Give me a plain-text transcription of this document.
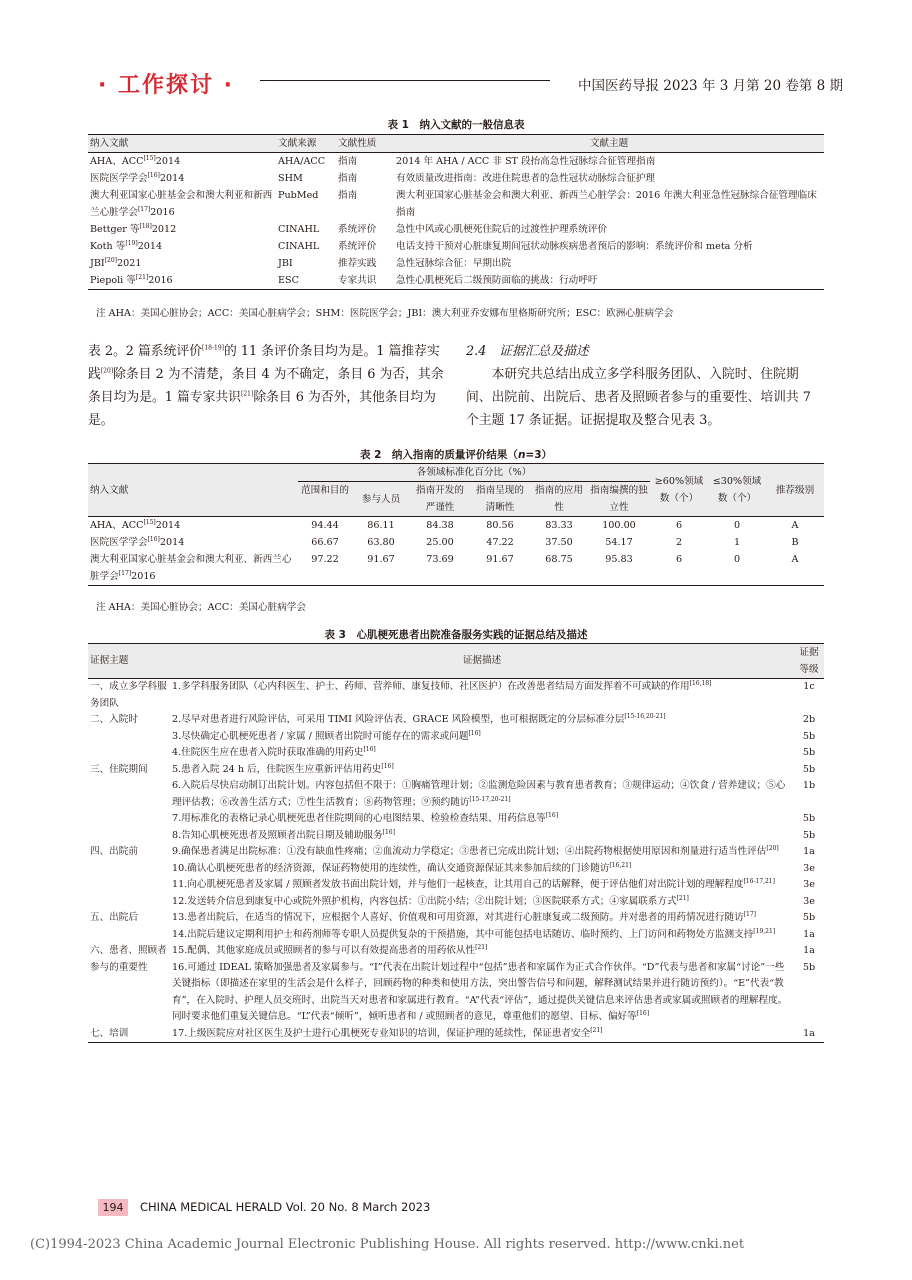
· 工作探讨 ·	中国医药导报 2023 年 3 月第 20 卷第 8 期
表 1　纳入文献的一般信息表
纳入文献	文献来源	文献性质	文献主题
AHA、ACC[15]2014	AHA/ACC	指南	2014 年 AHA / ACC 非 ST 段抬高急性冠脉综合征管理指南
医院医学学会[16]2014	SHM	指南	有效质量改进指南：改进住院患者的急性冠状动脉综合征护理
澳大利亚国家心脏基金会和澳大利亚和新西兰心脏学会[17]2016	PubMed	指南	澳大利亚国家心脏基金会和澳大利亚、新西兰心脏学会：2016 年澳大利亚急性冠脉综合征管理临床指南
Bettger 等[18]2012	CINAHL	系统评价	急性中风或心肌梗死住院后的过渡性护理系统评价
Koth 等[19]2014	CINAHL	系统评价	电话支持干预对心脏康复期间冠状动脉疾病患者预后的影响：系统评价和 meta 分析
JBI[20]2021	JBI	推荐实践	急性冠脉综合征：早期出院
Piepoli 等[21]2016	ESC	专家共识	急性心肌梗死后二级预防面临的挑战：行动呼吁
注 AHA：美国心脏协会；ACC：美国心脏病学会；SHM：医院医学会；JBI：澳大利亚乔安娜布里格斯研究所；ESC：欧洲心脏病学会
表 2。2 篇系统评价[18-19]的 11 条评价条目均为是。1 篇推荐实践[20]除条目 2 为不清楚，条目 4 为不确定，条目 6 为否，其余条目均为是。1 篇专家共识[21]除条目 6 为否外，其他条目均为是。
2.4　证据汇总及描述
本研究共总结出成立多学科服务团队、入院时、住院期间、出院前、出院后、患者及照顾者参与的重要性、培训共 7 个主题 17 条证据。证据提取及整合见表 3。
表 2　纳入指南的质量评价结果（n=3）
纳入文献	各领域标准化百分比（%）						≥60%领域数（个）	≤30%领域数（个）	推荐级别
	范围和目的	参与人员	指南开发的严谨性	指南呈现的清晰性	指南的应用性	指南编撰的独立性			
AHA、ACC[15]2014	94.44	86.11	84.38	80.56	83.33	100.00	6	0	A
医院医学学会[16]2014	66.67	63.80	25.00	47.22	37.50	54.17	2	1	B
澳大利亚国家心脏基金会和澳大利亚、新西兰心脏学会[17]2016	97.22	91.67	73.69	91.67	68.75	95.83	6	0	A
注 AHA：美国心脏协会；ACC：美国心脏病学会
表 3　心肌梗死患者出院准备服务实践的证据总结及描述
证据主题	证据描述	证据等级
一、成立多学科服务团队	1.多学科服务团队（心内科医生、护士、药师、营养师、康复技师、社区医护）在改善患者结局方面发挥着不可或缺的作用[16,18]	1c
二、入院时	2.尽早对患者进行风险评估，可采用 TIMI 风险评估表、GRACE 风险模型，也可根据既定的分层标准分层[15-16,20-21]	2b
	3.尽快确定心肌梗死患者 / 家属 / 照顾者出院时可能存在的需求或问题[16]	5b
	4.住院医生应在患者入院时获取准确的用药史[16]	5b
三、住院期间	5.患者入院 24 h 后，住院医生应重新评估用药史[16]	5b
	6.入院后尽快启动制订出院计划。内容包括但不限于：①胸痛管理计划；②监测危险因素与教育患者教育；③规律运动；④饮食 / 营养建议；⑤心理评估教；⑥改善生活方式；⑦性生活教育；⑧药物管理；⑨预约随访[15-17,20-21]	1b
	7.用标准化的表格记录心肌梗死患者住院期间的心电图结果、检验检查结果、用药信息等[16]	5b
	8.告知心肌梗死患者及照顾者出院日期及辅助服务[16]	5b
四、出院前	9.确保患者满足出院标准：①没有缺血性疼痛；②血流动力学稳定；③患者已完成出院计划；④出院药物根据使用原因和剂量进行适当性评估[20]	1a
	10.确认心肌梗死患者的经济资源，保证药物使用的连续性，确认交通资源保证其来参加后续的门诊随访[16,21]	3e
	11.向心肌梗死患者及家属 / 照顾者发放书面出院计划，并与他们一起核查，让其用自己的话解释，便于评估他们对出院计划的理解程度[16-17,21]	3e
	12.发送转介信息到康复中心或院外照护机构，内容包括：①出院小结；②出院计划；③医院联系方式；④家属联系方式[21]	3e
五、出院后	13.患者出院后，在适当的情况下，应根据个人喜好、价值观和可用资源，对其进行心脏康复或二级预防。并对患者的用药情况进行随访[17]	5b
	14.出院后建议定期利用护士和药剂师等专职人员提供复杂的干预措施，其中可能包括电话随访、临时预约、上门访问和药物处方监测支持[19,21]	1a
六、患者、照顾者参与的重要性	15.配偶、其他家庭成员或照顾者的参与可以有效提高患者的用药依从性[21]	1a
	16.可通过 IDEAL 策略加强患者及家属参与。“I”代表在出院计划过程中“包括”患者和家属作为正式合作伙伴。“D”代表与患者和家属“讨论”一些关键指标（即描述在家里的生活会是什么样子，回顾药物的种类和使用方法，突出警告信号和问题，解释测试结果并进行随访预约）。“E”代表“教育”，在入院时、护理人员交班时、出院当天对患者和家属进行教育。“A”代表“评估”，通过提供关键信息来评估患者或家属或照顾者的理解程度。同时要求他们重复关键信息。“L”代表“倾听”，倾听患者和 / 或照顾者的意见，尊重他们的愿望、目标、偏好等[16]	5b
七、培训	17.上级医院应对社区医生及护士进行心肌梗死专业知识的培训，保证护理的延续性，保证患者安全[21]	1a
194	CHINA MEDICAL HERALD Vol. 20 No. 8 March 2023
(C)1994-2023 China Academic Journal Electronic Publishing House. All rights reserved. http://www.cnki.net
